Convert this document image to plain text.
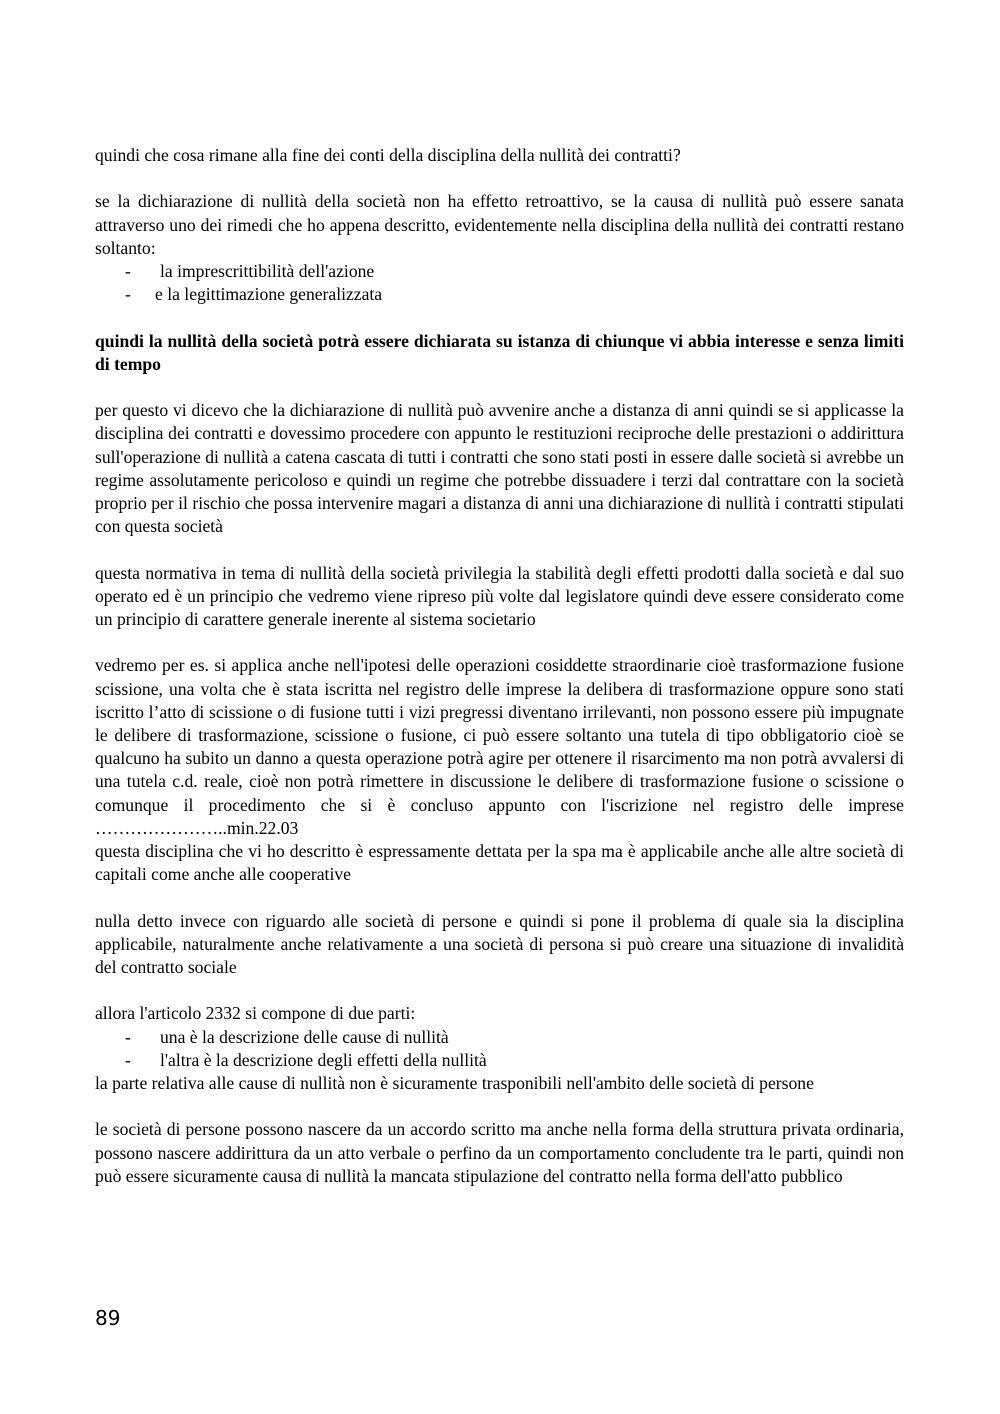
quindi che cosa rimane alla fine dei conti della disciplina della nullità dei contratti?

se la dichiarazione di nullità della società non ha effetto retroattivo, se la causa di nullità può essere sanata attraverso uno dei rimedi che ho appena descritto, evidentemente nella disciplina della nullità dei contratti restano soltanto:

- la imprescrittibilità dell'azione
- e la legittimazione generalizzata

quindi la nullità della società potrà essere dichiarata su istanza di chiunque vi abbia interesse e senza limiti di tempo

per questo vi dicevo che la dichiarazione di nullità può avvenire anche a distanza di anni quindi se si applicasse la disciplina dei contratti e dovessimo procedere con appunto le restituzioni reciproche delle prestazioni o addirittura sull'operazione di nullità a catena cascata di tutti i contratti che sono stati posti in essere dalle società si avrebbe un regime assolutamente pericoloso e quindi un regime che potrebbe dissuadere i terzi dal contrattare con la società proprio per il rischio che possa intervenire magari a distanza di anni una dichiarazione di nullità i contratti stipulati con questa società

questa normativa in tema di nullità della società privilegia la stabilità degli effetti prodotti dalla società e dal suo operato ed è un principio che vedremo viene ripreso più volte dal legislatore quindi deve essere considerato come un principio di carattere generale inerente al sistema societario

vedremo per es. si applica anche nell'ipotesi delle operazioni cosiddette straordinarie cioè trasformazione fusione scissione, una volta che è stata iscritta nel registro delle imprese la delibera di trasformazione oppure sono stati iscritto l’atto di scissione o di fusione tutti i vizi pregressi diventano irrilevanti, non possono essere più impugnate le delibere di trasformazione, scissione o fusione, ci può essere soltanto una tutela di tipo obbligatorio cioè se qualcuno ha subito un danno a questa operazione potrà agire per ottenere il risarcimento ma non potrà avvalersi di una tutela c.d. reale, cioè non potrà rimettere in discussione le delibere di trasformazione fusione o scissione o comunque il procedimento che si è concluso appunto con l'iscrizione nel registro delle imprese …………………..min.22.03

questa disciplina che vi ho descritto è espressamente dettata per la spa ma è applicabile anche alle altre società di capitali come anche alle cooperative

nulla detto invece con riguardo alle società di persone e quindi si pone il problema di quale sia la disciplina applicabile, naturalmente anche relativamente a una società di persona si può creare una situazione di invalidità del contratto sociale

allora l'articolo 2332 si compone di due parti:

- una è la descrizione delle cause di nullità
- l'altra è la descrizione degli effetti della nullità

la parte relativa alle cause di nullità non è sicuramente trasponibili nell'ambito delle società di persone

le società di persone possono nascere da un accordo scritto ma anche nella forma della struttura privata ordinaria, possono nascere addirittura da un atto verbale o perfino da un comportamento concludente tra le parti, quindi non può essere sicuramente causa di nullità la mancata stipulazione del contratto nella forma dell'atto pubblico

89
